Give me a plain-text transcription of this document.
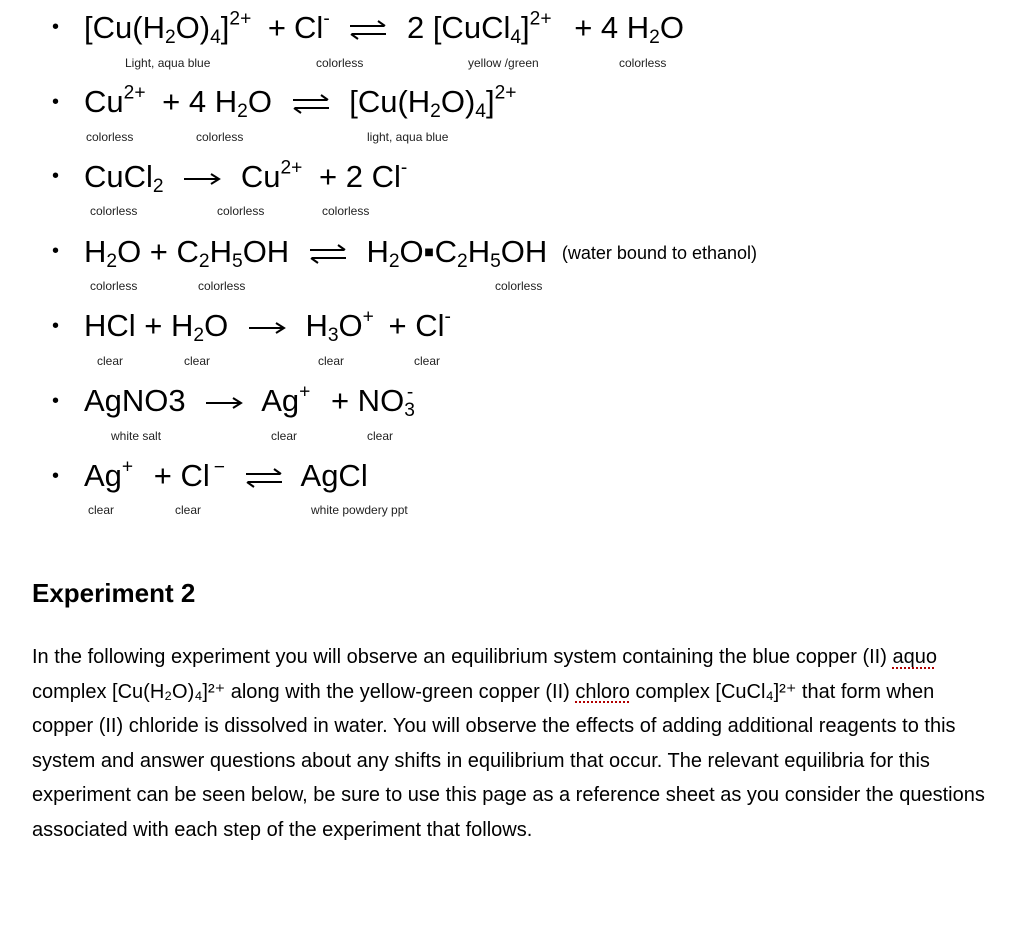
• $[Cu(H_2O)_4]^{2+} + Cl^-$ ⇌ 2 [CuCl$_4$]$^{2+}$ + 4 $H_2O$
Light, aqua blue	colorless	yellow /green	colorless
• $Cu^{2+} + 4$ $H_2O$ ⇌ $[Cu(H_2O)_4]^{2+}$
colorless	colorless	light, aqua blue
• CuCl$_2$ → $Cu^{2+} + 2$ Cl-
colorless	colorless	colorless
• $H_2O + C_2H_5OH$ ⇌ $H_2O▪C_2H_5OH$ (water bound to ethanol)
colorless	colorless	colorless
• HCl + $H_2O \to H_3O^+ + Cl^-$
clear	clear	clear	clear
• AgNO3 → $Ag^+ + NO_3^-$
white salt	clear	clear
• Ag+ + Cl − ⇌ AgCl
clear	clear	white powdery ppt
Experiment 2
In the following experiment you will observe an equilibrium system containing the blue copper (II) aquo complex [Cu(H₂O)₄]²⁺ along with the yellow-green copper (II) chloro complex [CuCl₄]²⁺ that form when copper (II) chloride is dissolved in water. You will observe the effects of adding additional reagents to this system and answer questions about any shifts in equilibrium that occur. The relevant equilibria for this experiment can be seen below, be sure to use this page as a reference sheet as you consider the questions associated with each step of the experiment that follows.
